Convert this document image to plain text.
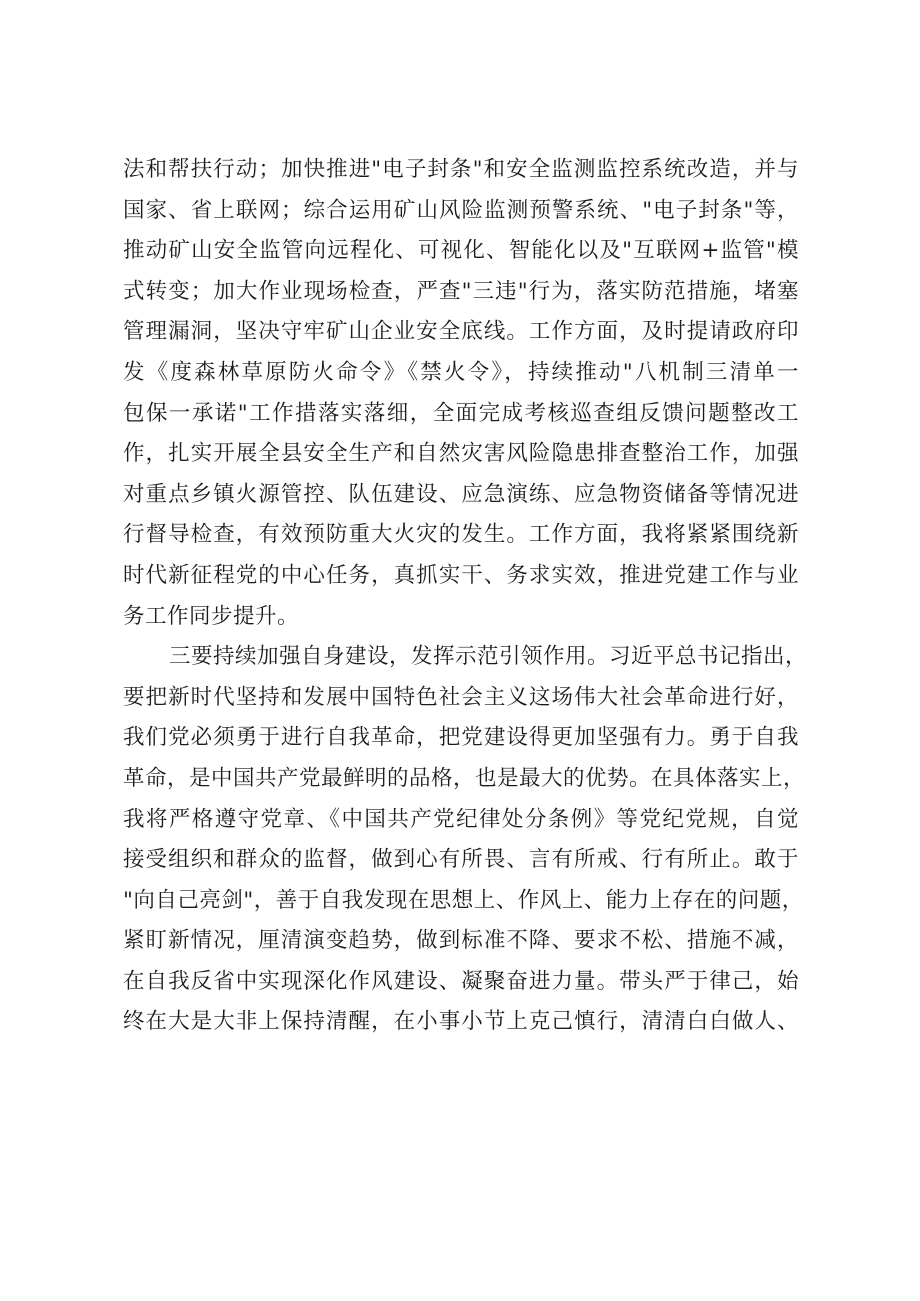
法和帮扶行动；加快推进"电子封条"和安全监测监控系统改造，并与
国家、省上联网；综合运用矿山风险监测预警系统、"电子封条"等，
推动矿山安全监管向远程化、可视化、智能化以及"互联网+监管"模
式转变；加大作业现场检查，严查"三违"行为，落实防范措施，堵塞
管理漏洞，坚决守牢矿山企业安全底线。工作方面，及时提请政府印
发《度森林草原防火命令》《禁火令》，持续推动"八机制三清单一
包保一承诺"工作措落实落细，全面完成考核巡查组反馈问题整改工
作，扎实开展全县安全生产和自然灾害风险隐患排查整治工作，加强
对重点乡镇火源管控、队伍建设、应急演练、应急物资储备等情况进
行督导检查，有效预防重大火灾的发生。工作方面，我将紧紧围绕新
时代新征程党的中心任务，真抓实干、务求实效，推进党建工作与业
务工作同步提升。
三要持续加强自身建设，发挥示范引领作用。习近平总书记指出，
要把新时代坚持和发展中国特色社会主义这场伟大社会革命进行好，
我们党必须勇于进行自我革命，把党建设得更加坚强有力。勇于自我
革命，是中国共产党最鲜明的品格，也是最大的优势。在具体落实上，
我将严格遵守党章、《中国共产党纪律处分条例》等党纪党规，自觉
接受组织和群众的监督，做到心有所畏、言有所戒、行有所止。敢于
"向自己亮剑"，善于自我发现在思想上、作风上、能力上存在的问题，
紧盯新情况，厘清演变趋势，做到标准不降、要求不松、措施不减，
在自我反省中实现深化作风建设、凝聚奋进力量。带头严于律己，始
终在大是大非上保持清醒，在小事小节上克己慎行，清清白白做人、
